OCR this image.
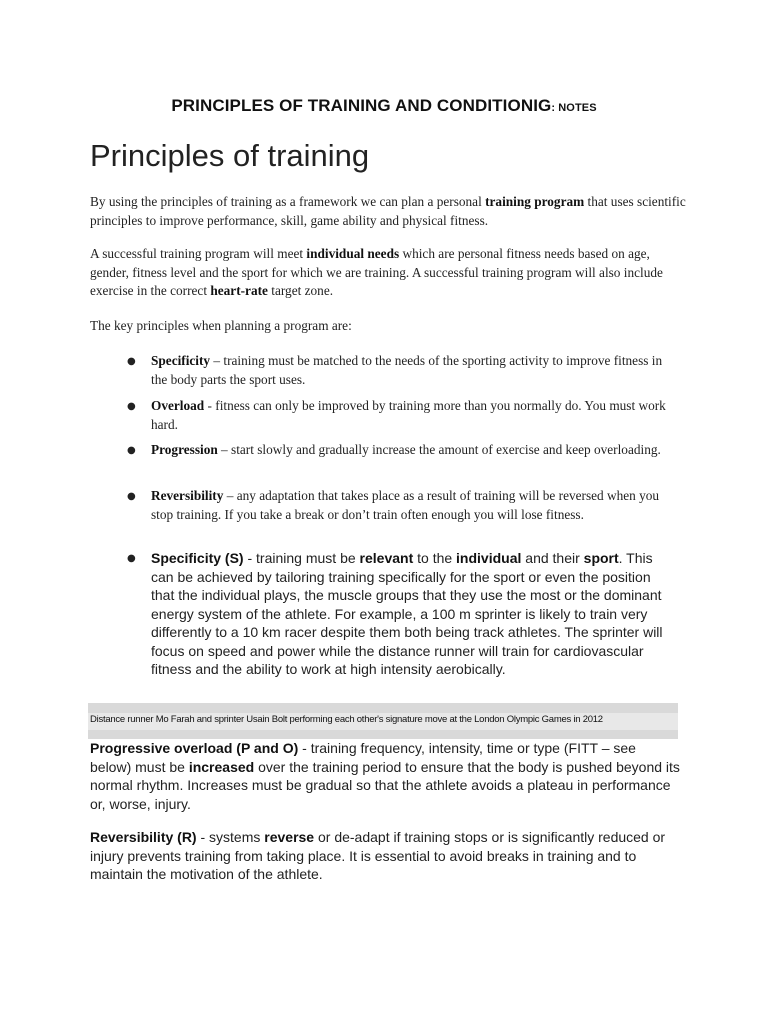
PRINCIPLES OF TRAINING AND CONDITIONIG: NOTES
Principles of training

By using the principles of training as a framework we can plan a personal training program that uses scientific principles to improve performance, skill, game ability and physical fitness.

A successful training program will meet individual needs which are personal fitness needs based on age, gender, fitness level and the sport for which we are training. A successful training program will also include exercise in the correct heart-rate target zone.

The key principles when planning a program are:

● Specificity – training must be matched to the needs of the sporting activity to improve fitness in the body parts the sport uses.

● Overload - fitness can only be improved by training more than you normally do. You must work hard.

● Progression – start slowly and gradually increase the amount of exercise and keep overloading.

● Reversibility – any adaptation that takes place as a result of training will be reversed when you stop training. If you take a break or don’t train often enough you will lose fitness.

● Specificity (S) - training must be relevant to the individual and their sport. This can be achieved by tailoring training specifically for the sport or even the position that the individual plays, the muscle groups that they use the most or the dominant energy system of the athlete. For example, a 100 m sprinter is likely to train very differently to a 10 km racer despite them both being track athletes. The sprinter will focus on speed and power while the distance runner will train for cardiovascular fitness and the ability to work at high intensity aerobically.

Distance runner Mo Farah and sprinter Usain Bolt performing each other's signature move at the London Olympic Games in 2012

Progressive overload (P and O) - training frequency, intensity, time or type (FITT – see below) must be increased over the training period to ensure that the body is pushed beyond its normal rhythm. Increases must be gradual so that the athlete avoids a plateau in performance or, worse, injury.

Reversibility (R) - systems reverse or de-adapt if training stops or is significantly reduced or injury prevents training from taking place. It is essential to avoid breaks in training and to maintain the motivation of the athlete.
